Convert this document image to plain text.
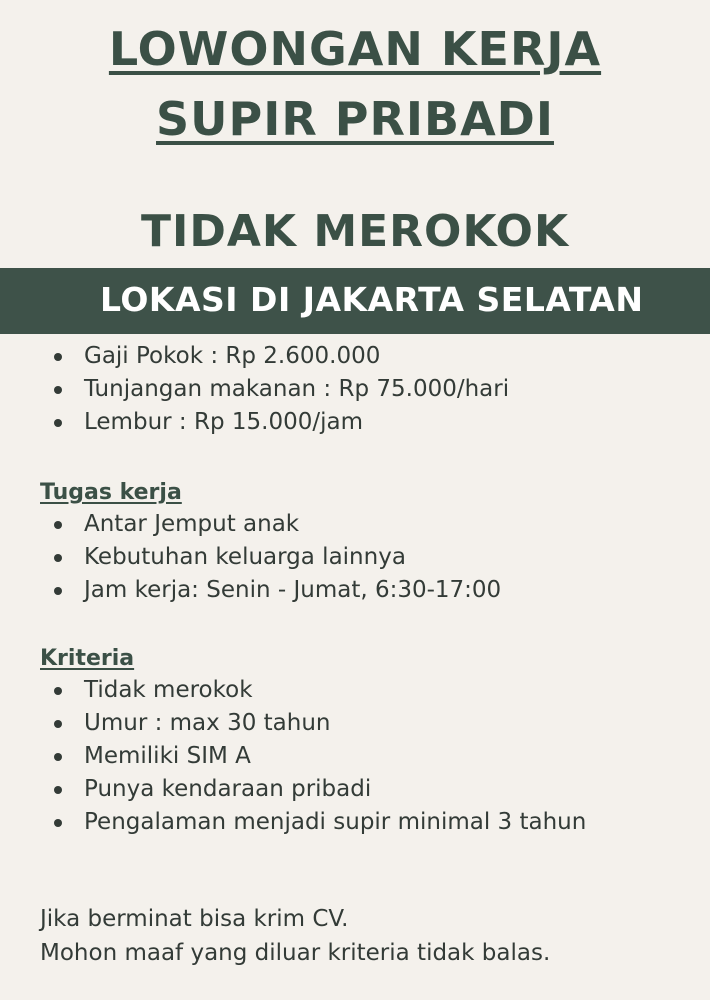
LOWONGAN KERJA
SUPIR PRIBADI
TIDAK MEROKOK
LOKASI DI JAKARTA SELATAN
Gaji Pokok : Rp 2.600.000
Tunjangan makanan : Rp 75.000/hari
Lembur : Rp 15.000/jam
Tugas kerja
Antar Jemput anak
Kebutuhan keluarga lainnya
Jam kerja: Senin - Jumat, 6:30-17:00
Kriteria
Tidak merokok
Umur : max 30 tahun
Memiliki SIM A
Punya kendaraan pribadi
Pengalaman menjadi supir minimal 3 tahun
Jika berminat bisa krim CV.
Mohon maaf yang diluar kriteria tidak balas.
